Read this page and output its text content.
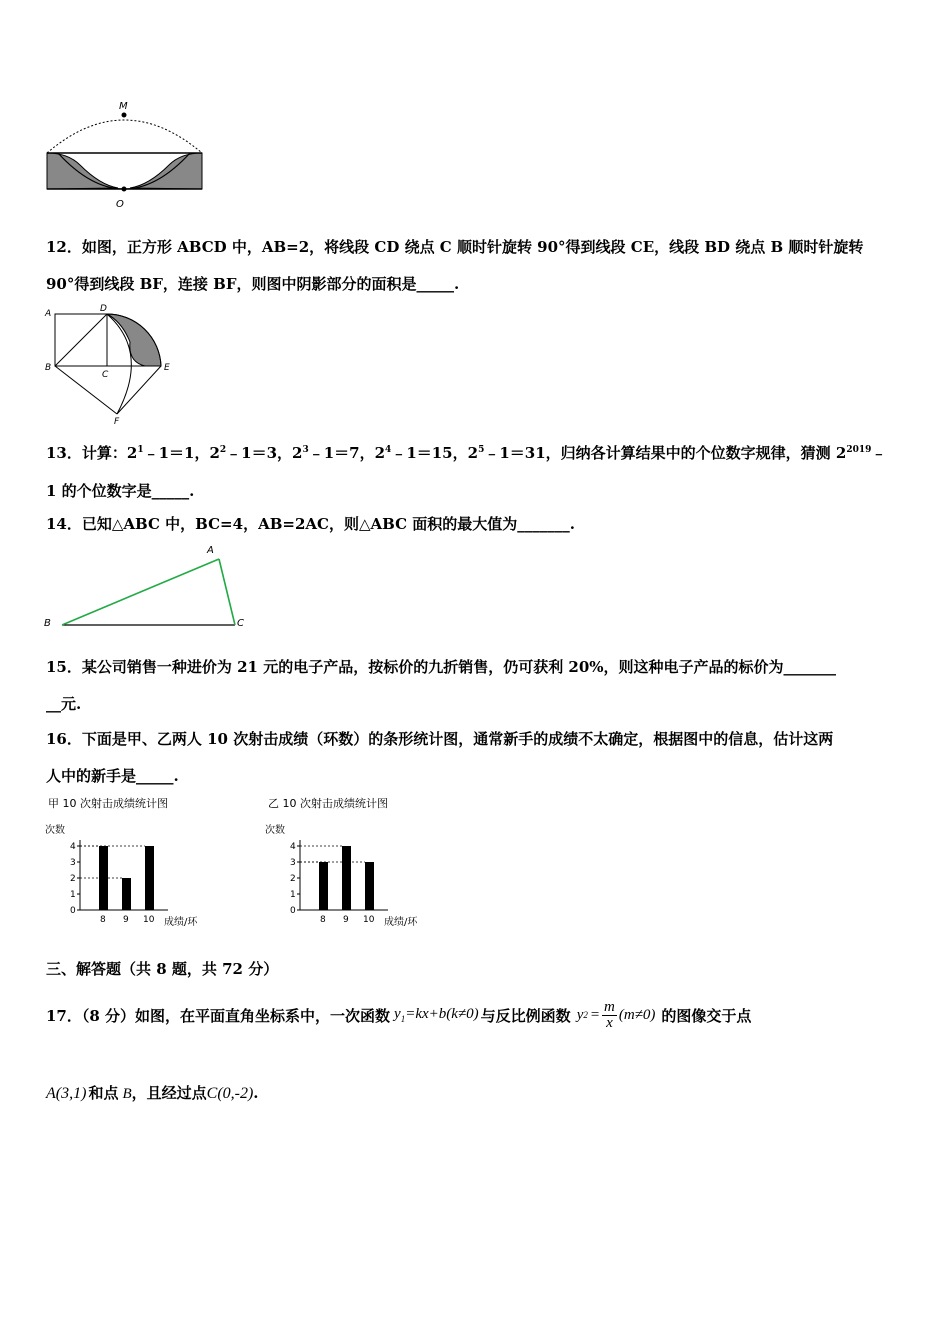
M
O
12．如图，正方形 ABCD 中，AB=2，将线段 CD 绕点 C 顺时针旋转 90°得到线段 CE，线段 BD 绕点 B 顺时针旋转
90°得到线段 BF，连接 BF，则图中阴影部分的面积是_____.
A
B
C
D
E
F
13．计算：$2^1﹣1=1$，$2^2﹣1=3$，$2^3﹣1=7$，$2^4﹣1=15$，$2^5﹣1=31$，归纳各计算结果中的个位数字规律，猜测 $2^{2019}﹣$
1 的个位数字是_____.
14．已知△ABC 中，BC=4，AB=2AC，则△ABC 面积的最大值为_______.
A
B	C
15．某公司销售一种进价为 21 元的电子产品，按标价的九折销售，仍可获利 20%，则这种电子产品的标价为_______
__元.
16．下面是甲、乙两人 10 次射击成绩（环数）的条形统计图，通常新手的成绩不太确定，根据图中的信息，估计这两
人中的新手是_____.
甲 10 次射击成绩统计图
次数
成绩/环
0
1
2
3
4
8 9 10
乙 10 次射击成绩统计图
次数
成绩/环
0
1
2
3
4
8 9 10
三、解答题（共 8 题，共 72 分）
17．（8 分）如图，在平面直角坐标系中，一次函数 $y_1=kx+b(k\ne 0)$ 与反比例函数 y $2 = \frac{m}{x} (m\ne 0)$ 的图像交于点
A(3,1) 和点 B ，且经过点 C(0,-2) .
